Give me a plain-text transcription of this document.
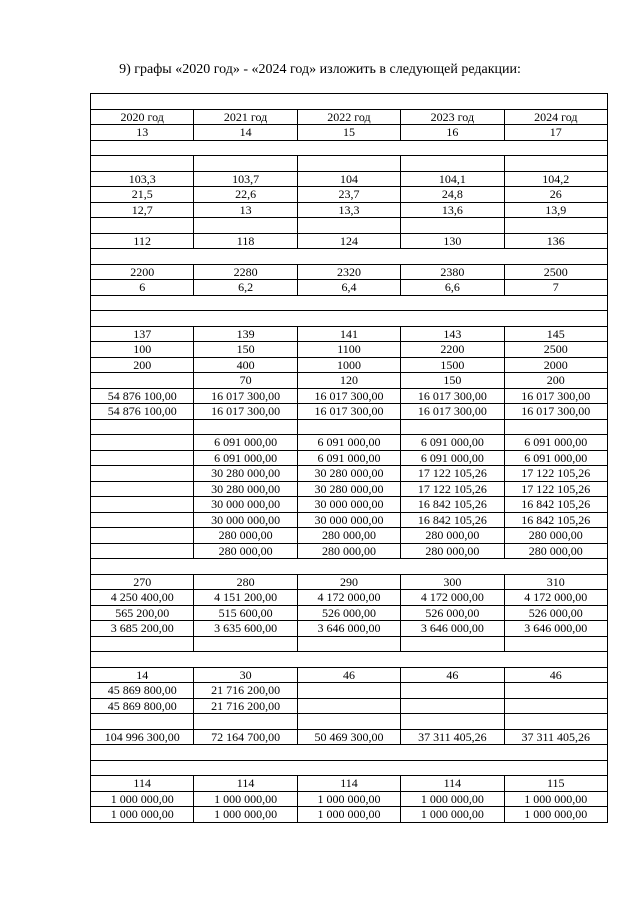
9) графы «2020 год» - «2024 год» изложить в следующей редакции:

2020 год	2021 год	2022 год	2023 год	2024 год
13	14	15	16	17

103,3	103,7	104	104,1	104,2
21,5	22,6	23,7	24,8	26
12,7	13	13,3	13,6	13,9

112	118	124	130	136

2200	2280	2320	2380	2500
6	6,2	6,4	6,6	7

137	139	141	143	145
100	150	1100	2200	2500
200	400	1000	1500	2000
	70	120	150	200
54 876 100,00	16 017 300,00	16 017 300,00	16 017 300,00	16 017 300,00
54 876 100,00	16 017 300,00	16 017 300,00	16 017 300,00	16 017 300,00

	6 091 000,00	6 091 000,00	6 091 000,00	6 091 000,00
	6 091 000,00	6 091 000,00	6 091 000,00	6 091 000,00
	30 280 000,00	30 280 000,00	17 122 105,26	17 122 105,26
	30 280 000,00	30 280 000,00	17 122 105,26	17 122 105,26
	30 000 000,00	30 000 000,00	16 842 105,26	16 842 105,26
	30 000 000,00	30 000 000,00	16 842 105,26	16 842 105,26
	280 000,00	280 000,00	280 000,00	280 000,00
	280 000,00	280 000,00	280 000,00	280 000,00

270	280	290	300	310
4 250 400,00	4 151 200,00	4 172 000,00	4 172 000,00	4 172 000,00
565 200,00	515 600,00	526 000,00	526 000,00	526 000,00
3 685 200,00	3 635 600,00	3 646 000,00	3 646 000,00	3 646 000,00

14	30	46	46	46
45 869 800,00	21 716 200,00			
45 869 800,00	21 716 200,00			

104 996 300,00	72 164 700,00	50 469 300,00	37 311 405,26	37 311 405,26

114	114	114	114	115
1 000 000,00	1 000 000,00	1 000 000,00	1 000 000,00	1 000 000,00
1 000 000,00	1 000 000,00	1 000 000,00	1 000 000,00	1 000 000,00
